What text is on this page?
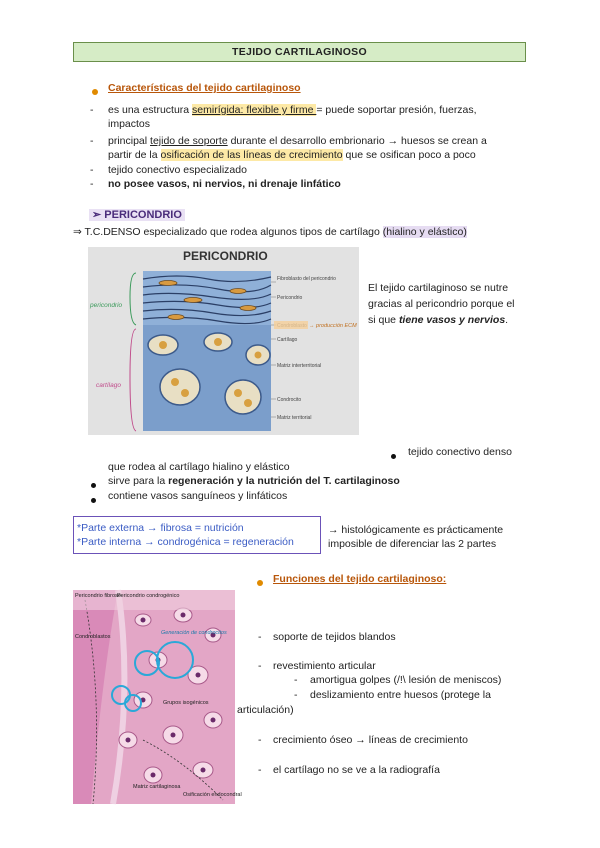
TEJIDO CARTILAGINOSO
Características del tejido cartilaginoso
- es una estructura semirígida: flexible y firme = puede soportar presión, fuerzas,
impactos
- principal tejido de soporte durante el desarrollo embrionario → huesos se crean a
partir de la osificación de las líneas de crecimiento que se osifican poco a poco
- tejido conectivo especializado
- no posee vasos, ni nervios, ni drenaje linfático
➢ PERICONDRIO
⇒ T.C.DENSO especializado que rodea algunos tipos de cartílago (hialino y elástico)
PERICONDRIO
Fibroblasto del pericondrio
Pericondrio
Cartílago
Matriz interterritorial
Condrocito
Matriz territorial
→ producción ECM
pericondrio
cartílago
El tejido cartilaginoso se nutre
gracias al pericondrio porque el
si que tiene vasos y nervios.
tejido conectivo denso
que rodea al cartílago hialino y elástico
sirve para la regeneración y la nutrición del T. cartilaginoso
contiene vasos sanguíneos y linfáticos
*Parte externa → fibrosa = nutrición
*Parte interna → condrogénica = regeneración
→ histológicamente es prácticamente
imposible de diferenciar las 2 partes
Funciones del tejido cartilaginoso:
Pericondrio fibroso
Pericondrio condrogénico
Condroblastos
Grupos isogénicos
Matriz cartilaginosa
Osificación endocondral
Generación de condrocitos	- soporte de tejidos blandos
- revestimiento articular
- amortigua golpes (/!\ lesión de meniscos)
- deslizamiento entre huesos (protege la
articulación)
- crecimiento óseo → líneas de crecimiento
- el cartílago no se ve a la radiografía
